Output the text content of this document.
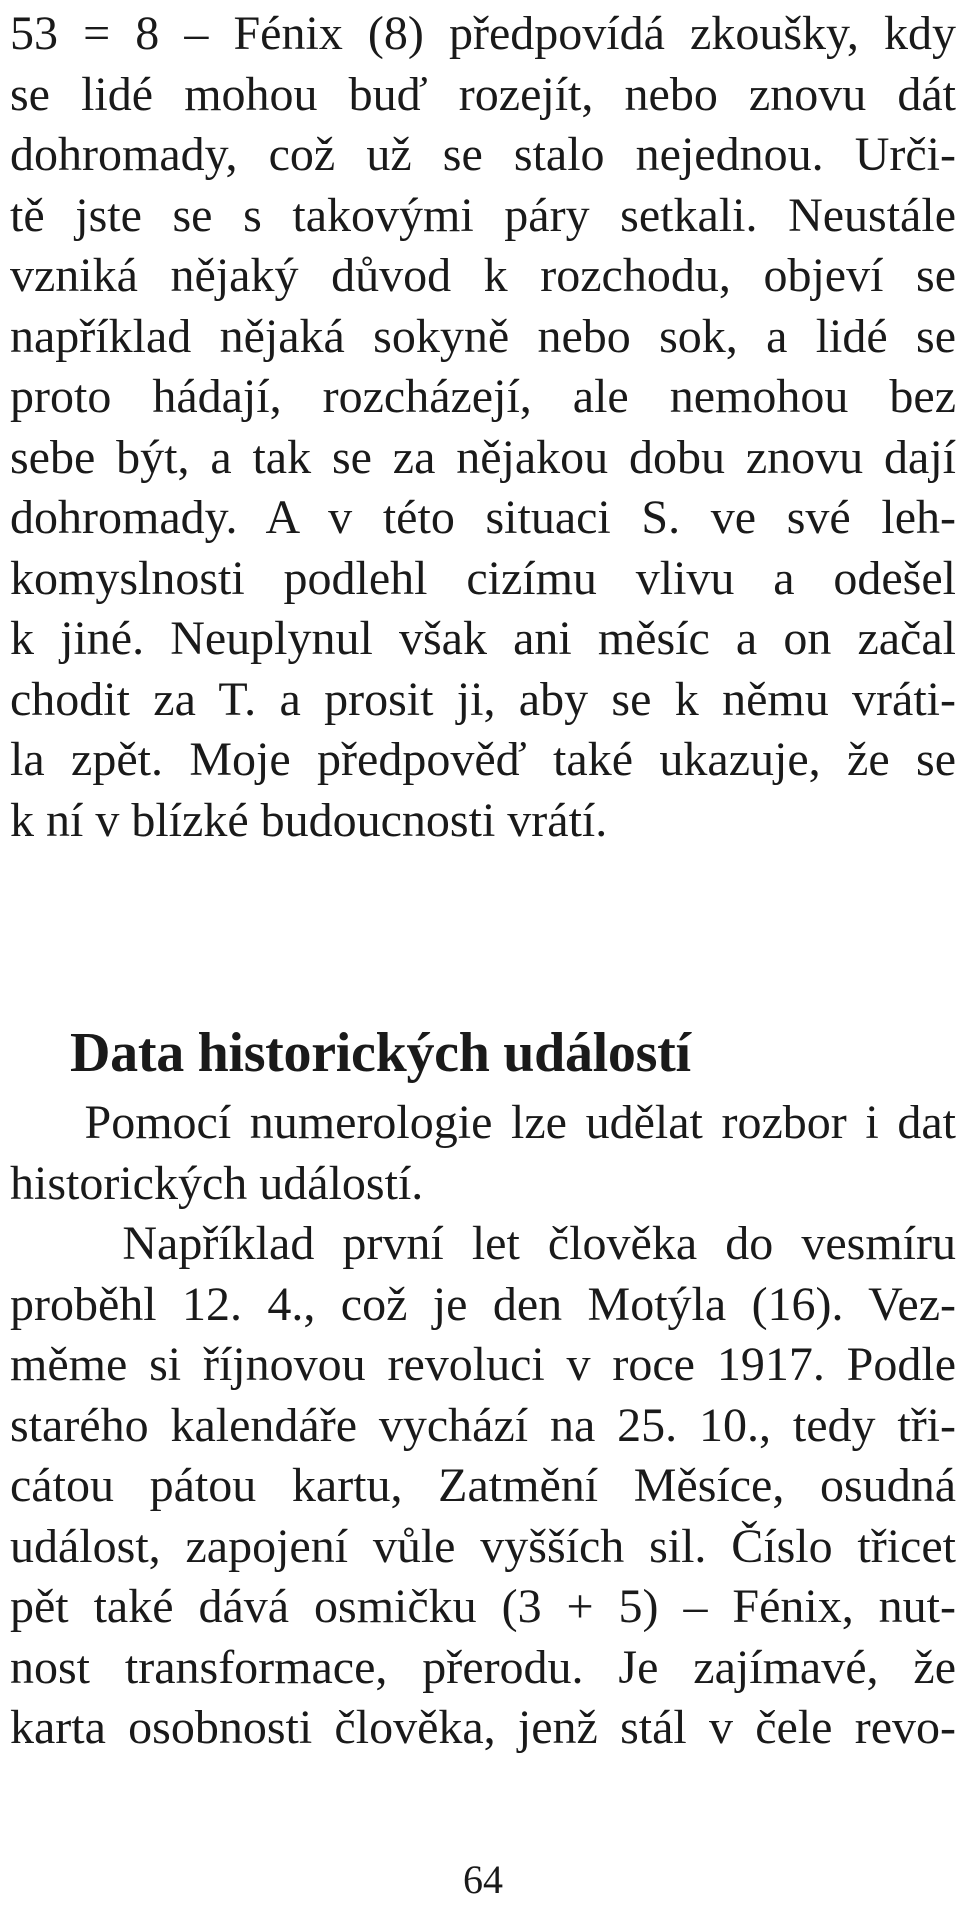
53 = 8 – Fénix (8) předpovídá zkoušky, kdy
se lidé mohou buď rozejít, nebo znovu dát
dohromady, což už se stalo nejednou. Urči-
tě jste se s takovými páry setkali. Neustále
vzniká nějaký důvod k rozchodu, objeví se
například nějaká sokyně nebo sok, a lidé se
proto hádají, rozcházejí, ale nemohou bez
sebe být, a tak se za nějakou dobu znovu dají
dohromady. A v této situaci S. ve své leh-
komyslnosti podlehl cizímu vlivu a odešel
k jiné. Neuplynul však ani měsíc a on začal
chodit za T. a prosit ji, aby se k němu vráti-
la zpět. Moje předpověď také ukazuje, že se
k ní v blízké budoucnosti vrátí.
Data historických událostí
Pomocí numerologie lze udělat rozbor i dat
historických událostí.
Například první let člověka do vesmíru
proběhl 12. 4., což je den Motýla (16). Vez-
měme si říjnovou revoluci v roce 1917. Podle
starého kalendáře vychází na 25. 10., tedy tři-
cátou pátou kartu, Zatmění Měsíce, osudná
událost, zapojení vůle vyšších sil. Číslo třicet
pět také dává osmičku (3 + 5) – Fénix, nut-
nost transformace, přerodu. Je zajímavé, že
karta osobnosti člověka, jenž stál v čele revo-
64
